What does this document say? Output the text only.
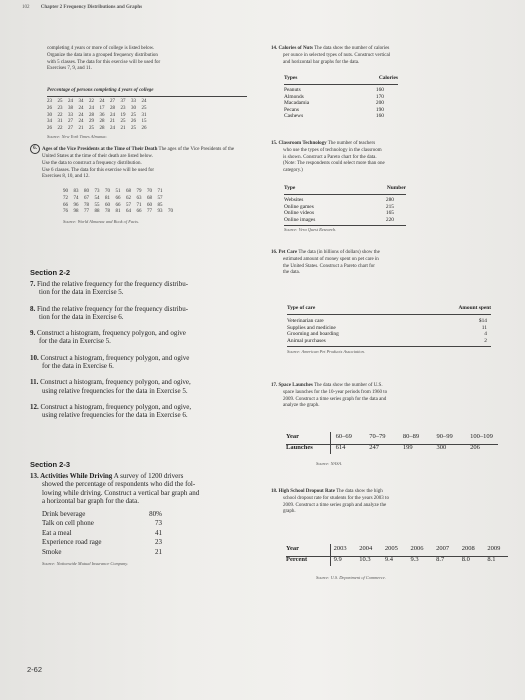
102 Chapter 2 Frequency Distributions and Graphs
completing 4 years or more of college is listed below.
Organize the data into a grouped frequency distribution
with 5 classes. The data for this exercise will be used for
Exercises 7, 9, and 11.
Percentage of persons completing 4 years of college
23 25 24 34 22 24 27 37 33 24
26 23 38 24 24 17 28 23 30 25
30 22 33 24 28 36 24 19 25 31
34 31 27 24 29 28 21 25 26 15
26 22 27 21 25 28 24 21 25 26
Source: New York Times Almanac.
6. Ages of the Vice Presidents at the Time of Their Death The ages of the Vice Presidents of the
United States at the time of their death are listed below.
Use the data to construct a frequency distribution.
Use 6 classes. The data for this exercise will be used for
Exercises 8, 10, and 12.
90 83 80 73 70 51 68 79 70 71
72 74 67 54 81 66 62 63 68 57
66 96 78 55 60 66 57 71 60 85
76 98 77 88 78 81 64 66 77 93 70
Source: World Almanac and Book of Facts.
Section 2-2
7. Find the relative frequency for the frequency distribu-
tion for the data in Exercise 5.
8. Find the relative frequency for the frequency distribu-
tion for the data in Exercise 6.
9. Construct a histogram, frequency polygon, and ogive
for the data in Exercise 5.
10. Construct a histogram, frequency polygon, and ogive
for the data in Exercise 6.
11. Construct a histogram, frequency polygon, and ogive,
using relative frequencies for the data in Exercise 5.
12. Construct a histogram, frequency polygon, and ogive,
using relative frequencies for the data in Exercise 6.
Section 2-3
13. Activities While Driving A survey of 1200 drivers
showed the percentage of respondents who did the fol-
lowing while driving. Construct a vertical bar graph and
a horizontal bar graph for the data.
Drink beverage	80%
Talk on cell phone	73
Eat a meal	41
Experience road rage	23
Smoke	21
Source: Nationwide Mutual Insurance Company.
2-62
14. Calories of Nuts The data show the number of calories
per ounce in selected types of nuts. Construct vertical
and horizontal bar graphs for the data.
Types	Calories
Peanuts	160
Almonds	170
Macadamia	200
Pecans	190
Cashews	160
15. Classroom Technology The number of teachers
who use the types of technology in the classroom
is shown. Construct a Pareto chart for the data.
(Note: The respondents could select more than one
category.)
Type	Number
Websites	280
Online games	215
Online videos	165
Online images	220
Source: Vera Quest Research.
16. Pet Care The data (in billions of dollars) show the
estimated amount of money spent on pet care in
the United States. Construct a Pareto chart for
the data.
Type of care	Amount spent
Veterinarian care	$14
Supplies and medicine	11
Grooming and boarding	4
Animal purchases	2
Source: American Pet Products Association.
17. Space Launches The data show the number of U.S.
space launches for the 10-year periods from 1960 to
2009. Construct a time series graph for the data and
analyze the graph.
Year	60–69	70–79	80–89	90–99	100–109
Launches	614	247	199	300	206
Source: NASA.
18. High School Dropout Rate The data show the high
school dropout rate for students for the years 2003 to
2009. Construct a time series graph and analyze the
graph.
Year	2003 2004 2005 2006 2007 2008 2009
Percent	9.9	10.3 9.4	9.3	8.7	8.0	8.1
Source: U.S. Department of Commerce.
